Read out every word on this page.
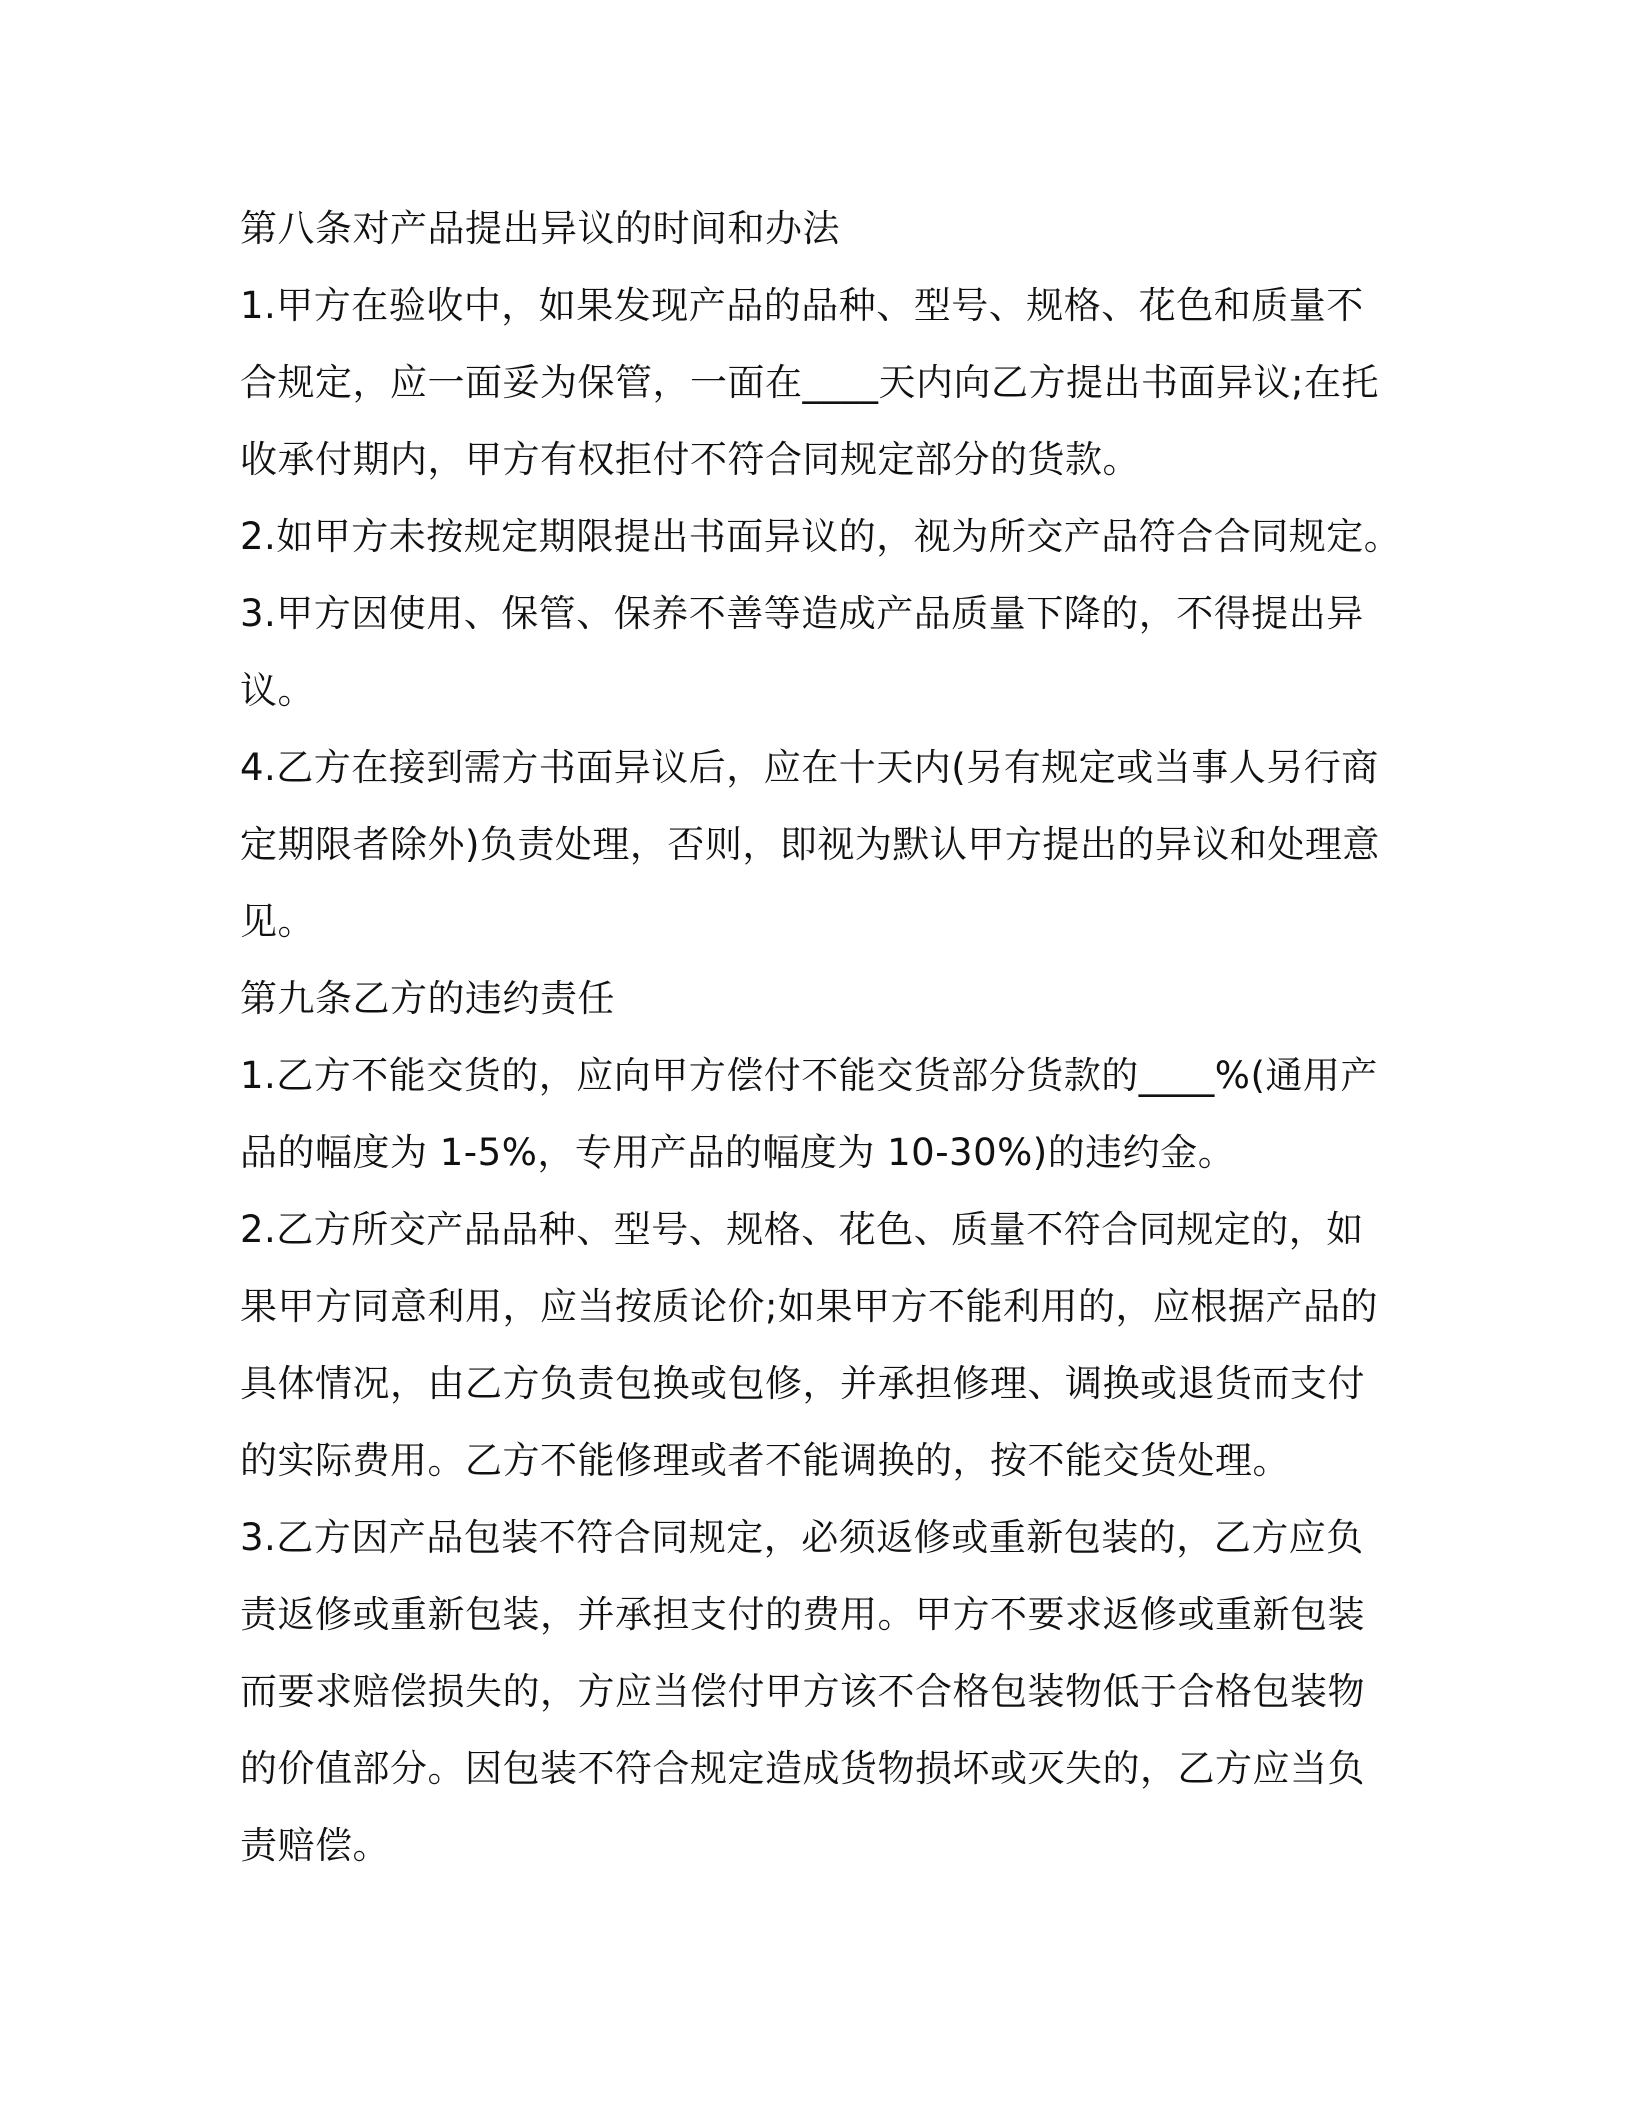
第八条对产品提出异议的时间和办法
1.甲方在验收中，如果发现产品的品种、型号、规格、花色和质量不
合规定，应一面妥为保管，一面在____天内向乙方提出书面异议;在托
收承付期内，甲方有权拒付不符合同规定部分的货款。
2.如甲方未按规定期限提出书面异议的，视为所交产品符合合同规定。
3.甲方因使用、保管、保养不善等造成产品质量下降的，不得提出异
议。
4.乙方在接到需方书面异议后，应在十天内(另有规定或当事人另行商
定期限者除外)负责处理，否则，即视为默认甲方提出的异议和处理意
见。
第九条乙方的违约责任
1.乙方不能交货的，应向甲方偿付不能交货部分货款的____%(通用产
品的幅度为 1-5%，专用产品的幅度为 10-30%)的违约金。
2.乙方所交产品品种、型号、规格、花色、质量不符合同规定的，如
果甲方同意利用，应当按质论价;如果甲方不能利用的，应根据产品的
具体情况，由乙方负责包换或包修，并承担修理、调换或退货而支付
的实际费用。乙方不能修理或者不能调换的，按不能交货处理。
3.乙方因产品包装不符合同规定，必须返修或重新包装的，乙方应负
责返修或重新包装，并承担支付的费用。甲方不要求返修或重新包装
而要求赔偿损失的，方应当偿付甲方该不合格包装物低于合格包装物
的价值部分。因包装不符合规定造成货物损坏或灭失的，乙方应当负
责赔偿。
